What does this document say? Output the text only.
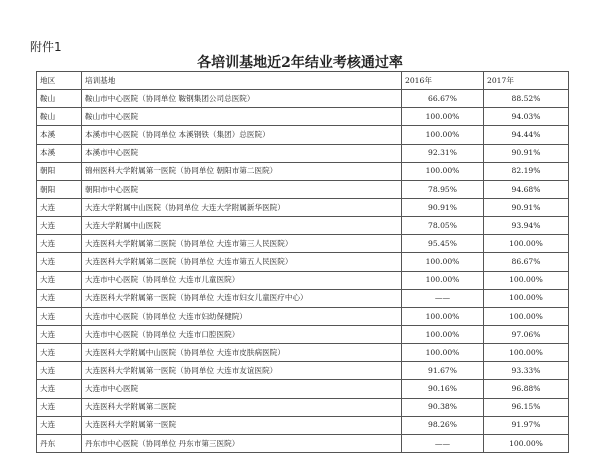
附件1
各培训基地近2年结业考核通过率
地区	培训基地	2016年	2017年
鞍山	鞍山市中心医院（协同单位 鞍钢集团公司总医院）	66.67%	88.52%
鞍山	鞍山市中心医院	100.00%	94.03%
本溪	本溪市中心医院（协同单位 本溪钢铁（集团）总医院）	100.00%	94.44%
本溪	本溪市中心医院	92.31%	90.91%
朝阳	锦州医科大学附属第一医院（协同单位 朝阳市第二医院）	100.00%	82.19%
朝阳	朝阳市中心医院	78.95%	94.68%
大连	大连大学附属中山医院（协同单位 大连大学附属新华医院）	90.91%	90.91%
大连	大连大学附属中山医院	78.05%	93.94%
大连	大连医科大学附属第二医院（协同单位 大连市第三人民医院）	95.45%	100.00%
大连	大连医科大学附属第二医院（协同单位 大连市第五人民医院）	100.00%	86.67%
大连	大连市中心医院（协同单位 大连市儿童医院）	100.00%	100.00%
大连	大连医科大学附属第一医院（协同单位 大连市妇女儿童医疗中心）	——	100.00%
大连	大连市中心医院（协同单位 大连市妇幼保健院）	100.00%	100.00%
大连	大连市中心医院（协同单位 大连市口腔医院）	100.00%	97.06%
大连	大连医科大学附属中山医院（协同单位 大连市皮肤病医院）	100.00%	100.00%
大连	大连医科大学附属第一医院（协同单位 大连市友谊医院）	91.67%	93.33%
大连	大连市中心医院	90.16%	96.88%
大连	大连医科大学附属第二医院	90.38%	96.15%
大连	大连医科大学附属第一医院	98.26%	91.97%
丹东	丹东市中心医院（协同单位 丹东市第三医院）	——	100.00%
